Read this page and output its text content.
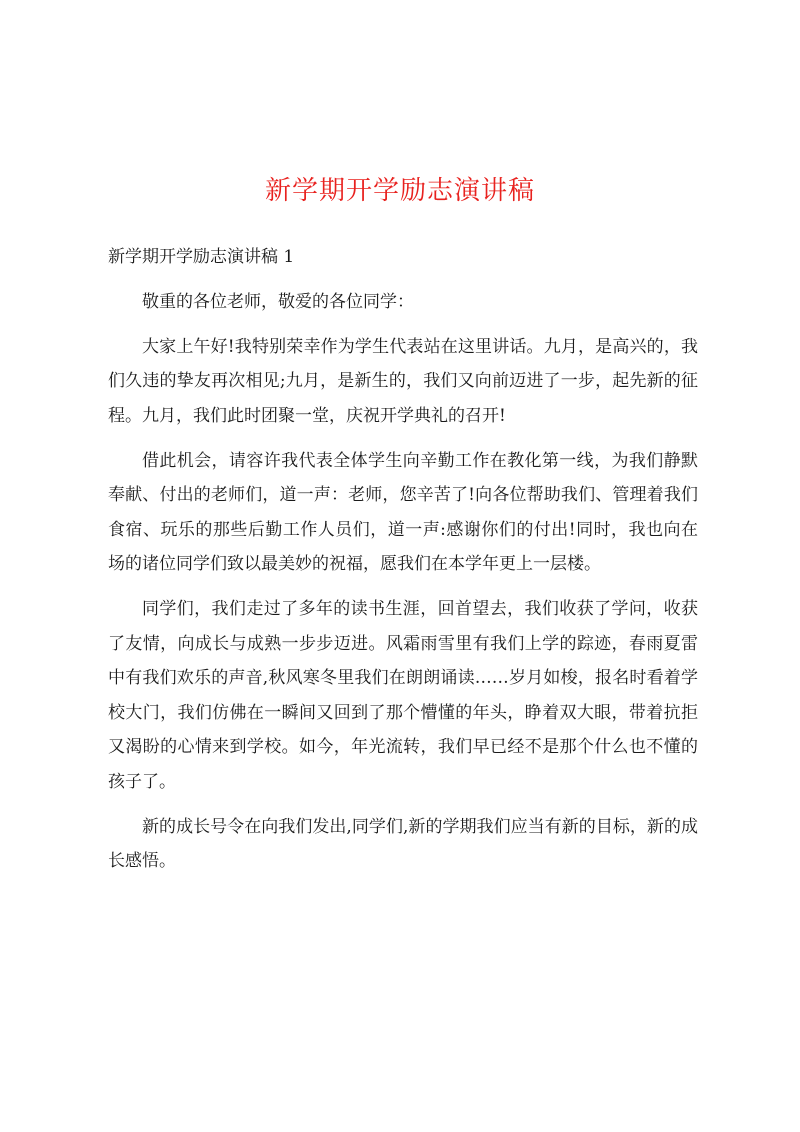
新学期开学励志演讲稿

新学期开学励志演讲稿 1

敬重的各位老师，敬爱的各位同学：

大家上午好!我特别荣幸作为学生代表站在这里讲话。九月，是高兴的，我们久违的挚友再次相见;九月，是新生的，我们又向前迈进了一步，起先新的征程。九月，我们此时团聚一堂，庆祝开学典礼的召开!

借此机会，请容许我代表全体学生向辛勤工作在教化第一线，为我们静默奉献、付出的老师们，道一声：老师，您辛苦了!向各位帮助我们、管理着我们食宿、玩乐的那些后勤工作人员们，道一声:感谢你们的付出!同时，我也向在场的诸位同学们致以最美妙的祝福，愿我们在本学年更上一层楼。

同学们，我们走过了多年的读书生涯，回首望去，我们收获了学问，收获了友情，向成长与成熟一步步迈进。风霜雨雪里有我们上学的踪迹，春雨夏雷中有我们欢乐的声音,秋风寒冬里我们在朗朗诵读……岁月如梭，报名时看着学校大门，我们仿佛在一瞬间又回到了那个懵懂的年头，睁着双大眼，带着抗拒又渴盼的心情来到学校。如今，年光流转，我们早已经不是那个什么也不懂的孩子了。

新的成长号令在向我们发出,同学们,新的学期我们应当有新的目标，新的成长感悟。
